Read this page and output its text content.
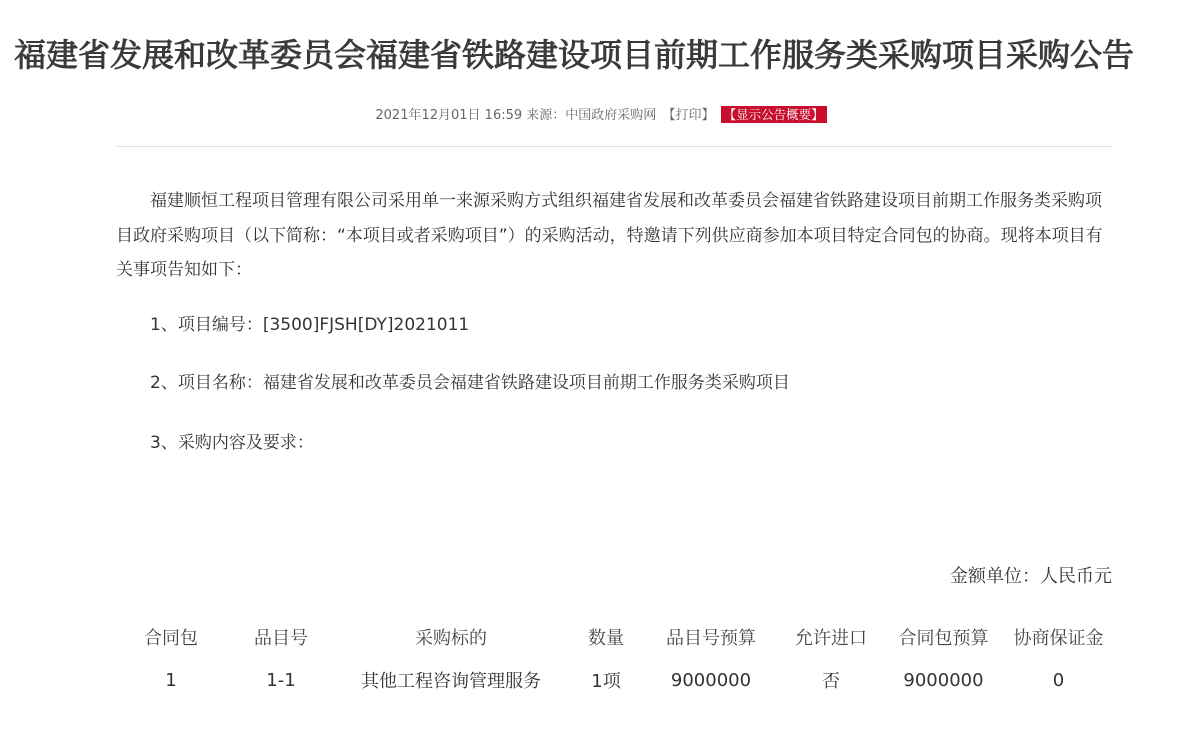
福建省发展和改革委员会福建省铁路建设项目前期工作服务类采购项目采购公告
2021年12月01日 16:59 来源：中国政府采购网 【打印】 【显示公告概要】
福建顺恒工程项目管理有限公司采用单一来源采购方式组织福建省发展和改革委员会福建省铁路建设项目前期工作服务类采购项目政府采购项目（以下简称：“本项目或者采购项目”）的采购活动，特邀请下列供应商参加本项目特定合同包的协商。现将本项目有关事项告知如下：
1、项目编号：[3500]FJSH[DY]2021011
2、项目名称：福建省发展和改革委员会福建省铁路建设项目前期工作服务类采购项目
3、采购内容及要求：
金额单位：人民币元
合同包	品目号	采购标的	数量	品目号预算	允许进口	合同包预算	协商保证金
1	1-1	其他工程咨询管理服务	1项	9000000	否	9000000	0
